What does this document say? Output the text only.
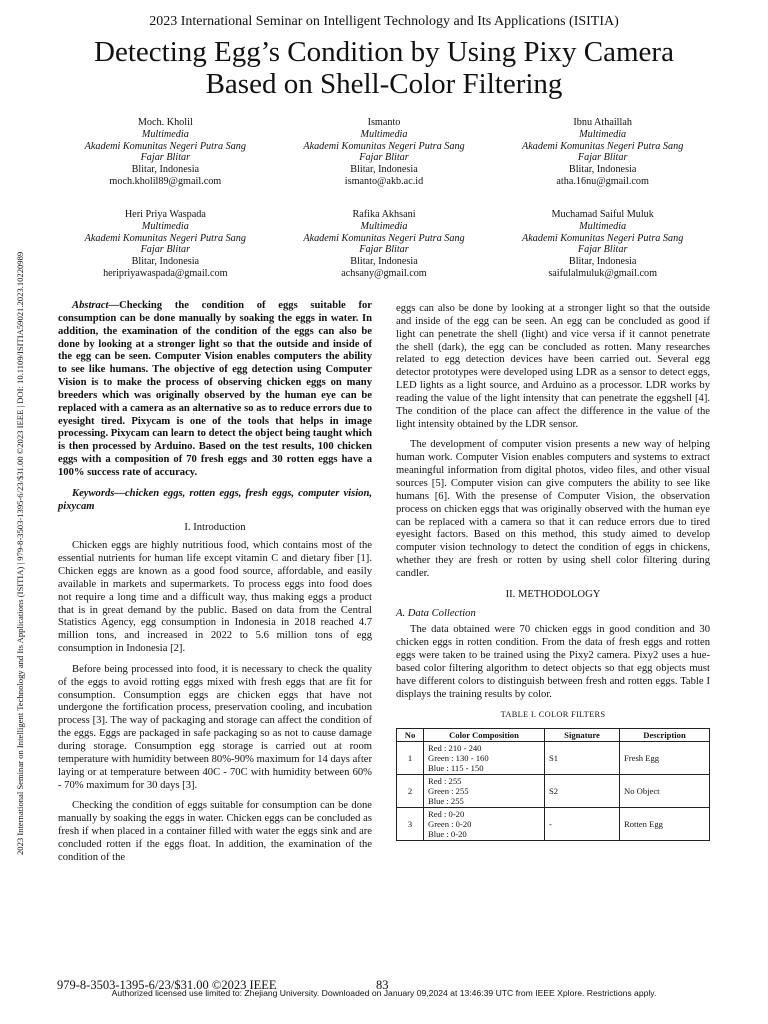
2023 International Seminar on Intelligent Technology and Its Applications (ISITIA)
Detecting Egg’s Condition by Using Pixy Camera
Based on Shell-Color Filtering
2023 International Seminar on Intelligent Technology and Its Applications (ISITIA) | 979-8-3503-1395-6/23/$31.00 ©2023 IEEE | DOI: 10.1109/ISITIA59021.2023.10220989
Moch. Kholil
Multimedia
Akademi Komunitas Negeri Putra Sang
Fajar Blitar
Blitar, Indonesia
moch.kholil89@gmail.com
Ismanto
Multimedia
Akademi Komunitas Negeri Putra Sang
Fajar Blitar
Blitar, Indonesia
ismanto@akb.ac.id
Ibnu Athaillah
Multimedia
Akademi Komunitas Negeri Putra Sang
Fajar Blitar
Blitar, Indonesia
atha.16nu@gmail.com
Heri Priya Waspada
Multimedia
Akademi Komunitas Negeri Putra Sang
Fajar Blitar
Blitar, Indonesia
heripriyawaspada@gmail.com
Rafika Akhsani
Multimedia
Akademi Komunitas Negeri Putra Sang
Fajar Blitar
Blitar, Indonesia
achsany@gmail.com
Muchamad Saiful Muluk
Multimedia
Akademi Komunitas Negeri Putra Sang
Fajar Blitar
Blitar, Indonesia
saifulalmuluk@gmail.com

Abstract—Checking the condition of eggs suitable for consumption can be done manually by soaking the eggs in water. In addition, the examination of the condition of the eggs can also be done by looking at a stronger light so that the outside and inside of the egg can be seen. Computer Vision enables computers the ability to see like humans. The objective of egg detection using Computer Vision is to make the process of observing chicken eggs on many breeders which was originally observed by the human eye can be replaced with a camera as an alternative so as to reduce errors due to eyesight tired. Pixycam is one of the tools that helps in image processing. Pixycam can learn to detect the object being taught which is then processed by Arduino. Based on the test results, 100 chicken eggs with a composition of 70 fresh eggs and 30 rotten eggs have a 100% success rate of accuracy.

Keywords—chicken eggs, rotten eggs, fresh eggs, computer vision, pixycam

I. Introduction

Chicken eggs are highly nutritious food, which contains most of the essential nutrients for human life except vitamin C and dietary fiber [1]. Chicken eggs are known as a good food source, affordable, and easily available in markets and supermarkets. To process eggs into food does not require a long time and a difficult way, thus making eggs a product that is in great demand by the public. Based on data from the Central Statistics Agency, egg consumption in Indonesia in 2018 reached 4.7 million tons, and increased in 2022 to 5.6 million tons of egg consumption in Indonesia [2].

Before being processed into food, it is necessary to check the quality of the eggs to avoid rotting eggs mixed with fresh eggs that are fit for consumption. Consumption eggs are chicken eggs that have not undergone the fortification process, preservation cooling, and incubation process [3]. The way of packaging and storage can affect the condition of the eggs. Eggs are packaged in safe packaging so as not to cause damage during storage. Consumption egg storage is carried out at room temperature with humidity between 80%-90% maximum for 14 days after laying or at temperature between 40C - 70C with humidity between 60% - 70% maximum for 30 days [3].

Checking the condition of eggs suitable for consumption can be done manually by soaking the eggs in water. Chicken eggs can be concluded as fresh if when placed in a container filled with water the eggs sink and are concluded rotten if the eggs float. In addition, the examination of the condition of the

eggs can also be done by looking at a stronger light so that the outside and inside of the egg can be seen. An egg can be concluded as good if light can penetrate the shell (light) and vice versa if it cannot penetrate the shell (dark), the egg can be concluded as rotten. Many researches related to egg detection devices have been carried out. Several egg detector prototypes were developed using LDR as a sensor to detect eggs, LED lights as a light source, and Arduino as a processor. LDR works by reading the value of the light intensity that can penetrate the eggshell [4]. The condition of the place can affect the difference in the value of the light intensity obtained by the LDR sensor.

The development of computer vision presents a new way of helping human work. Computer Vision enables computers and systems to extract meaningful information from digital photos, video files, and other visual sources [5]. Computer vision can give computers the ability to see like humans [6]. With the presense of Computer Vision, the observation process on chicken eggs that was originally observed with the human eye can be replaced with a camera so that it can reduce errors due to tired eyesight factors. Based on this method, this study aimed to develop computer vision technology to detect the condition of eggs in chickens, whether they are fresh or rotten by using shell color filtering during candler.

II. METHODOLOGY
A. Data Collection

The data obtained were 70 chicken eggs in good condition and 30 chicken eggs in rotten condition. From the data of fresh eggs and rotten eggs were taken to be trained using the Pixy2 camera. Pixy2 uses a hue-based color filtering algorithm to detect objects so that egg objects must have different colors to distinguish between fresh and rotten eggs. Table I displays the training results by color.

TABLE I. COLOR FILTERS
No	Color Composition	Signature	Description
1	Red : 210 - 240
Green : 130 - 160
Blue : 115 - 150	S1	Fresh Egg
2	Red : 255
Green : 255
Blue : 255	S2	No Object
3	Red : 0-20
Green : 0-20
Blue : 0-20	-	Rotten Egg
979-8-3503-1395-6/23/$31.00 ©2023 IEEE	83
Authorized licensed use limited to: Zhejiang University. Downloaded on January 09,2024 at 13:46:39 UTC from IEEE Xplore. Restrictions apply.
